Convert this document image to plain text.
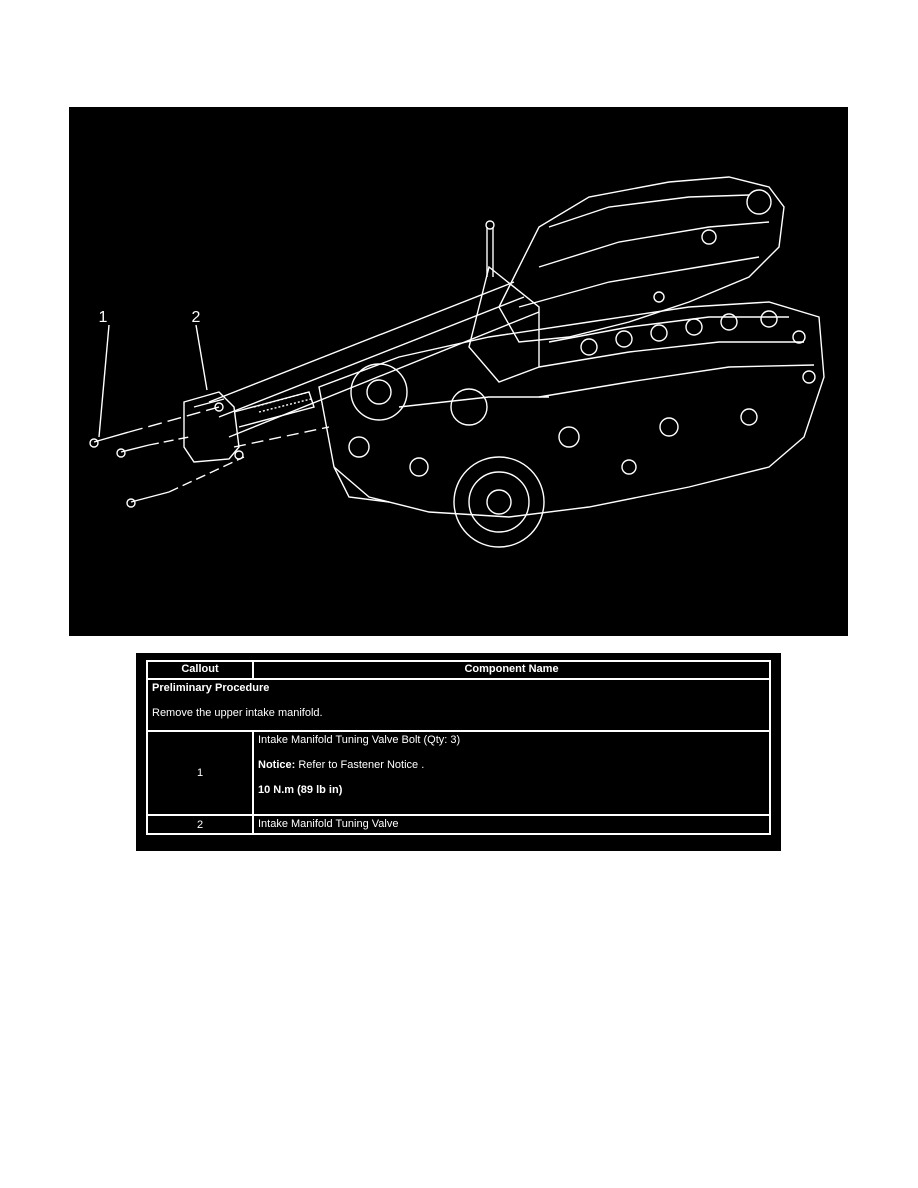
1	2
Callout	Component Name

Preliminary Procedure
Remove the upper intake manifold.	

1	Intake Manifold Tuning Valve Bolt (Qty: 3)
Notice: Refer to Fastener Notice .
10 N.m (89 lb in)

2	Intake Manifold Tuning Valve
